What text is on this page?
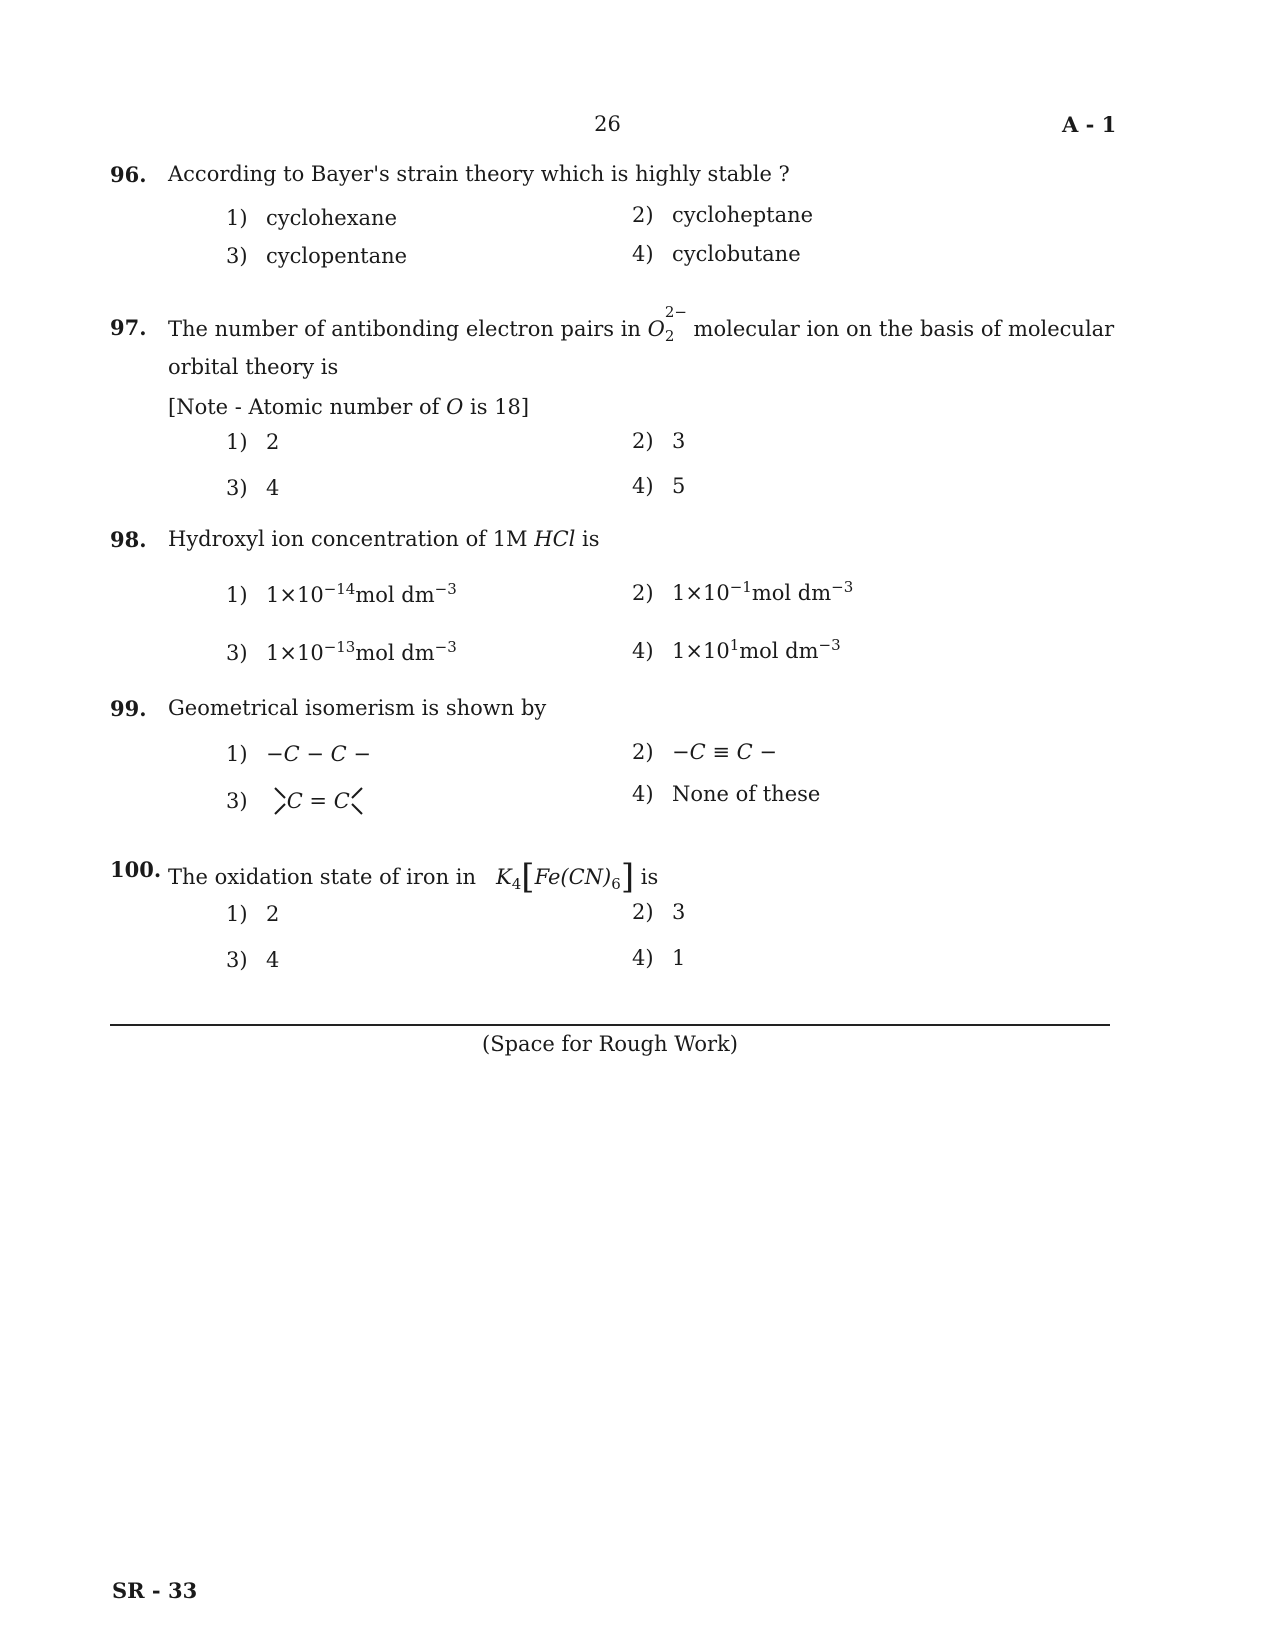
26	A - 1
96. According to Bayer's strain theory which is highly stable ?
1) cyclohexane	2) cycloheptane
3) cyclopentane	4) cyclobutane
97. The number of antibonding electron pairs in O
2−
2 molecular ion on the basis of molecular
orbital theory is
[Note - Atomic number of O is 18]
1) 2	2) 3
3) 4	4) 5
98. Hydroxyl ion concentration of 1M HCl is
1) $1\times 10^{-14}mol$ $dm^{-3}$	2) $1\times 10^{-1}mol$ $dm^{-3}$
3) $1\times 10^{-13}mol$ $dm^{-3}$	4) $1\times 10^1mol$ $dm^{-3}$
99. Geometrical isomerism is shown by
1) −C − C −	2) −C ≡ C −
3) C = C	4) None of these
100. The oxidation state of iron in $K_4[Fe(CN)_6]$ is
1) 2	2) 3
3) 4	4) 1
(Space for Rough Work)
SR - 33
